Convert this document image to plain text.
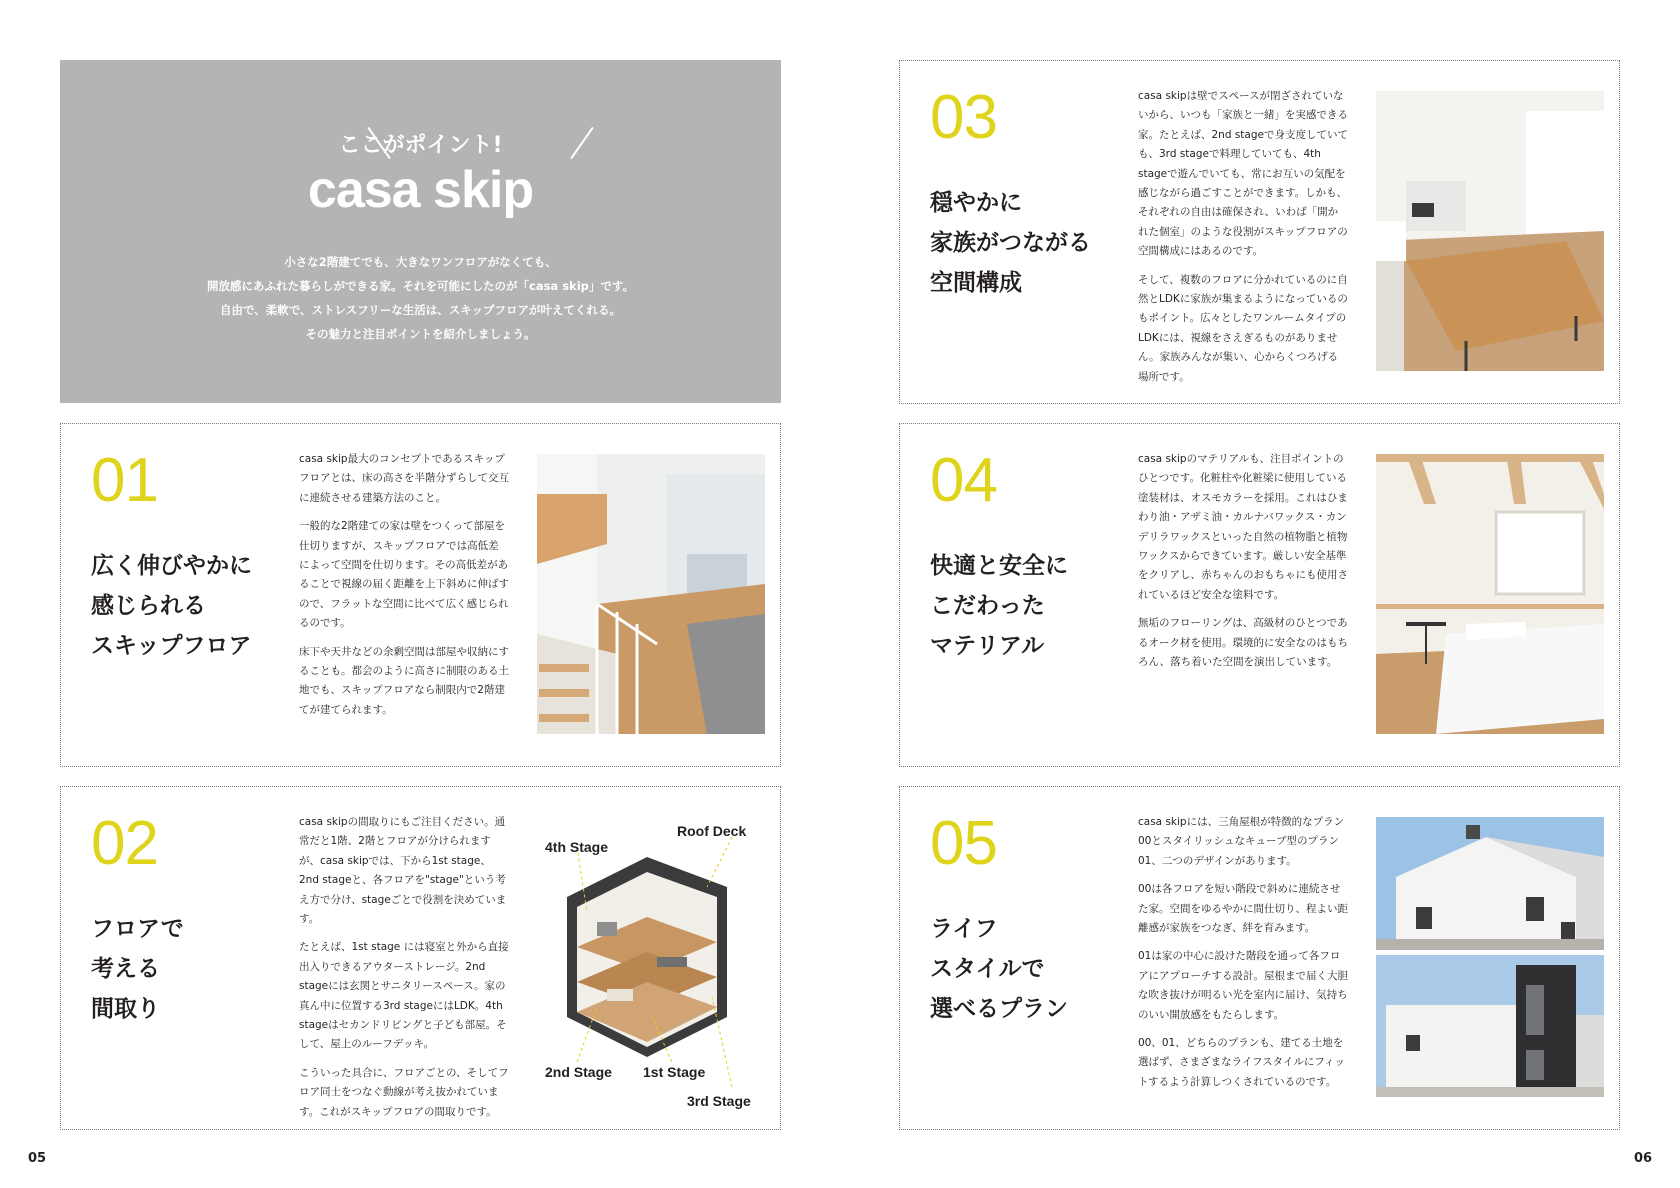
ここがポイント!
casa skip
小さな2階建てでも、大きなワンフロアがなくても、
開放感にあふれた暮らしができる家。それを可能にしたのが「casa skip」です。
自由で、柔軟で、ストレスフリーな生活は、スキップフロアが叶えてくれる。
その魅力と注目ポイントを紹介しましょう。
01
広く伸びやかに
感じられる
スキップフロア

casa skip最大のコンセプトであるスキップフロアとは、床の高さを半階分ずらして交互に連続させる建築方法のこと。

一般的な2階建ての家は壁をつくって部屋を仕切りますが、スキップフロアでは高低差によって空間を仕切ります。その高低差があることで視線の届く距離を上下斜めに伸ばすので、フラットな空間に比べて広く感じられるのです。

床下や天井などの余剰空間は部屋や収納にすることも。都会のように高さに制限のある土地でも、スキップフロアなら制限内で2階建てが建てられます。

02
フロアで
考える
間取り

casa skipの間取りにもご注目ください。通常だと1階、2階とフロアが分けられますが、casa skipでは、下から1st stage、2nd stageと、各フロアを"stage"という考え方で分け、stageごとで役割を決めています。

たとえば、1st stage には寝室と外から直接出入りできるアウターストレージ。2nd stageには玄関とサニタリースペース。家の真ん中に位置する3rd stageにはLDK。4th stageはセカンドリビングと子ども部屋。そして、屋上のルーフデッキ。

こういった具合に、フロアごとの、そしてフロア同士をつなぐ動線が考え抜かれています。これがスキップフロアの間取りです。

Roof Deck
4th Stage
2nd Stage 1st Stage
3rd Stage
03
穏やかに
家族がつながる
空間構成

casa skipは壁でスペースが閉ざされていないから、いつも「家族と一緒」を実感できる家。たとえば、2nd stageで身支度していても、3rd stageで料理していても、4th stageで遊んでいても、常にお互いの気配を感じながら過ごすことができます。しかも、それぞれの自由は確保され、いわば「開かれた個室」のような役割がスキップフロアの空間構成にはあるのです。

そして、複数のフロアに分かれているのに自然とLDKに家族が集まるようになっているのもポイント。広々としたワンルームタイプの LDKには、視線をさえぎるものがありません。家族みんなが集い、心からくつろげる場所です。

04
快適と安全に
こだわった
マテリアル

casa skipのマテリアルも、注目ポイントのひとつです。化粧柱や化粧梁に使用している塗装材は、オスモカラーを採用。これはひまわり油・アザミ油・カルナバワックス・カンデリラワックスといった自然の植物脂と植物ワックスからできています。厳しい安全基準をクリアし、赤ちゃんのおもちゃにも使用されているほど安全な塗料です。

無垢のフローリングは、高級材のひとつであるオーク材を使用。環境的に安全なのはもちろん、落ち着いた空間を演出しています。

05
ライフ
スタイルで
選べるプラン

casa skipには、三角屋根が特徴的なプラン00とスタイリッシュなキューブ型のプラン01、二つのデザインがあります。

00は各フロアを短い階段で斜めに連続させた家。空間をゆるやかに間仕切り、程よい距離感が家族をつなぎ、絆を育みます。

01は家の中心に設けた階段を通って各フロアにアプローチする設計。屋根まで届く大胆な吹き抜けが明るい光を室内に届け、気持ちのいい開放感をもたらします。

00、01、どちらのプランも、建てる土地を選ばず、さまざまなライフスタイルにフィットするよう計算しつくされているのです。

05	06
